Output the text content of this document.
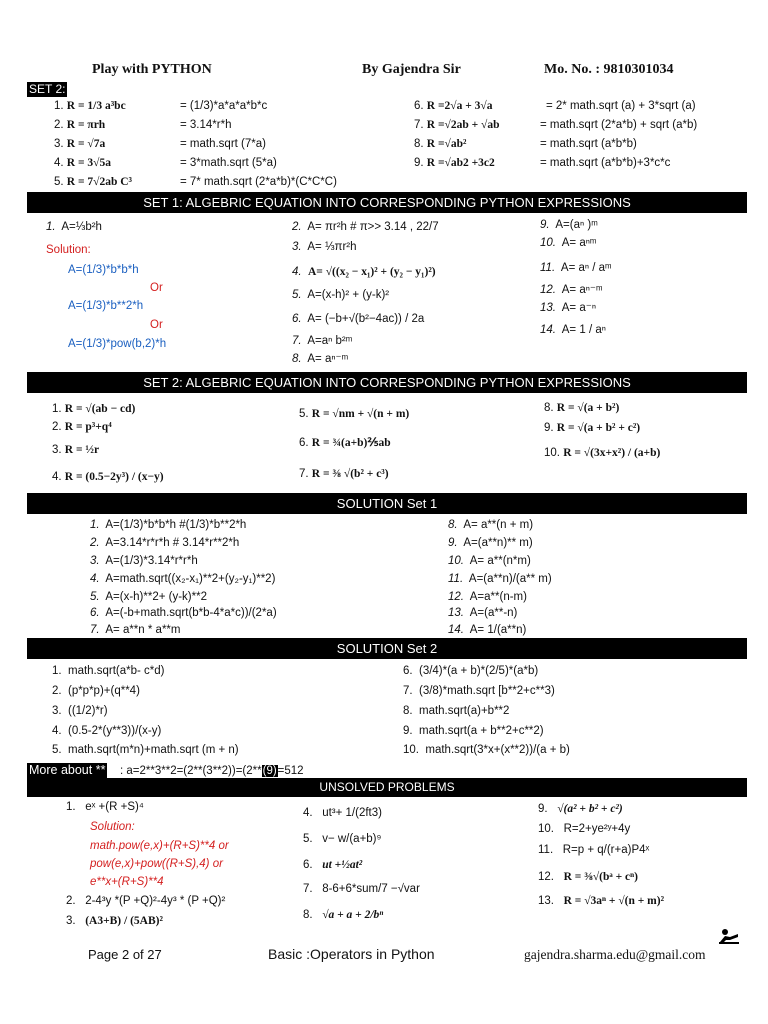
Play with PYTHON	By Gajendra Sir	Mo. No. : 9810301034
SET 2:
1. R = 1/3 a³bc	= (1/3)*a*a*a*b*c
2. R = πrh	= 3.14*r*h
3. R = √7a	= math.sqrt (7*a)
4. R = 3√5a	= 3*math.sqrt (5*a)
5. R = 7√2ab C³	= 7* math.sqrt (2*a*b)*(C*C*C)
6. R =2√a + 3√a	= 2* math.sqrt (a) + 3*sqrt (a)
7. R =√2ab + √ab	= math.sqrt (2*a*b) + sqrt (a*b)
8. R =√ab²	= math.sqrt (a*b*b)
9. R =√ab2 +3c2	= math.sqrt (a*b*b)+3*c*c
SET 1: ALGEBRIC EQUATION INTO CORRESPONDING PYTHON EXPRESSIONS
1. A=⅓b²h
Solution:
A=(1/3)*b*b*h
Or
A=(1/3)*b**2*h
Or
A=(1/3)*pow(b,2)*h
2. A= πr²h # π>> 3.14 , 22/7
3. A= ⅓πr²h
4. A= √((x₂ − x₁)² + (y₂ − y₁)²)
5. A=(x-h)² + (y-k)²
6. A= (−b+√(b²−4ac)) / 2a
7. A=aⁿ b²ᵐ
8. A= aⁿ⁻ᵐ
9. A=(aⁿ )ᵐ
10. A= aⁿᵐ
11. A= aⁿ / aᵐ
12. A= aⁿ⁻ᵐ
13. A= a⁻ⁿ
14. A= 1 / aⁿ
SET 2: ALGEBRIC EQUATION INTO CORRESPONDING PYTHON EXPRESSIONS
1. R = √(ab − cd)
2. R = p³+q⁴
3. R = ½r
4. R = (0.5−2y³) / (x−y)
5. R = √nm + √(n + m)
6. R = ¾(a+b)⅖ab
7. R = ⅜ √(b² + c³)
8. R = √(a + b²)
9. R = √(a + b² + c²)
10. R = √(3x+x²) / (a+b)
SOLUTION Set 1
1. A=(1/3)*b*b*h #(1/3)*b**2*h
2. A=3.14*r*r*h # 3.14*r**2*h
3. A=(1/3)*3.14*r*r*h
4. A=math.sqrt((x₂-x₁)**2+(y₂-y₁)**2)
5. A=(x-h)**2+ (y-k)**2
6. A=(-b+math.sqrt(b*b-4*a*c))/(2*a)
7. A= a**n * a**m
8. A= a**(n + m)
9. A=(a**n)** m)
10. A= a**(n*m)
11. A=(a**n)/(a** m)
12. A=a**(n-m)
13. A=(a**-n)
14. A= 1/(a**n)
SOLUTION Set 2
1. math.sqrt(a*b- c*d)
2. (p*p*p)+(q**4)
3. ((1/2)*r)
4. (0.5-2*(y**3))/(x-y)
5. math.sqrt(m*n)+math.sqrt (m + n)
6. (3/4)*(a + b)*(2/5)*(a*b)
7. (3/8)*math.sqrt [b**2+c**3)
8. math.sqrt(a)+b**2
9. math.sqrt(a + b**2+c**2)
10. math.sqrt(3*x+(x**2))/(a + b)
More about ** : a=2**3**2=(2**(3**2))=(2**(9)=512
UNSOLVED PROBLEMS
1. eˣ +(R +S)⁴
Solution:
math.pow(e,x)+(R+S)**4 or
pow(e,x)+pow((R+S),4) or
e**x+(R+S)**4
2. 2-4³y *(P +Q)²-4y³ * (P +Q)²
3. (A3+B) / (5AB)²
4. ut³+ 1/(2ft3)
5. v− w/(a+b)⁹
6. ut +½at²
7. 8-6+6*sum/7 −√var
8. √a + a + 2/bⁿ
9. √(a² + b² + c²)
10. R=2+ye²ʸ+4y
11. R=p + q/(r+a)P4ˣ
12. R = ⅜√(bᵃ + cⁿ)
13. R = √3aⁿ + √(n + m)²
Page 2 of 27	Basic :Operators in Python	gajendra.sharma.edu@gmail.com
